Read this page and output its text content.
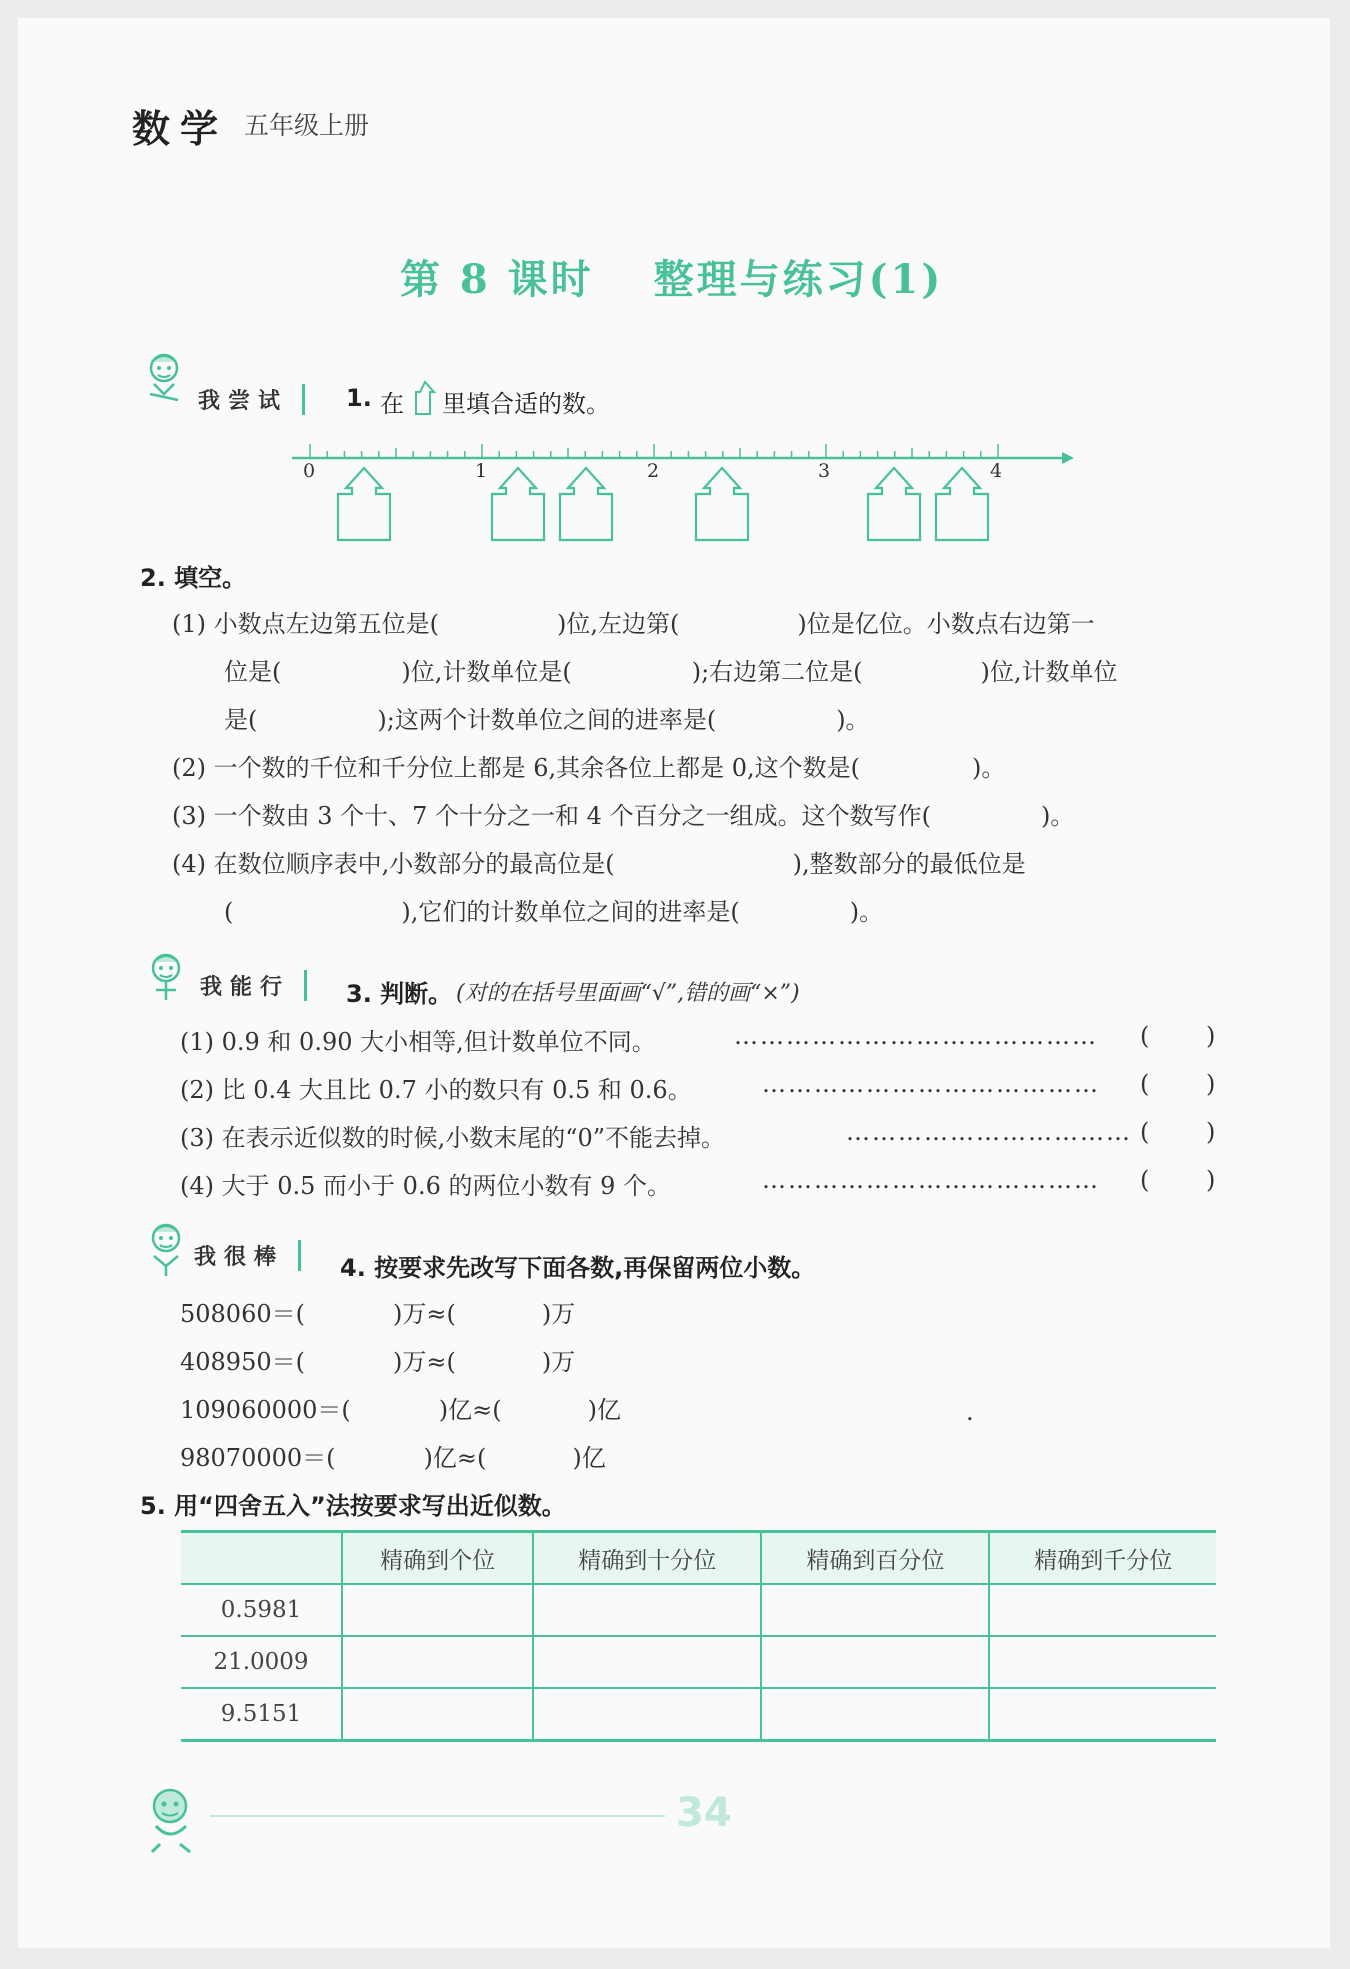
数学 五年级上册
第 8 课时　 整理与练习(1)
我尝试	1. 在 里填合适的数。
0	1	2	3	4
2. 填空。
(1) 小数点左边第五位是(	)位,左边第(	)位是亿位。小数点右边第一
位是(	)位,计数单位是(	);右边第二位是(	)位,计数单位
是(	);这两个计数单位之间的进率是(	)。
(2) 一个数的千位和千分位上都是 6,其余各位上都是 0,这个数是(	)。
(3) 一个数由 3 个十、7 个十分之一和 4 个百分之一组成。这个数写作(	)。
(4) 在数位顺序表中,小数部分的最高位是(	),整数部分的最低位是
(	),它们的计数单位之间的进率是(	)。
我能行	3. 判断。 (对的在括号里面画“√”,错的画“×”)
(1) 0.9 和 0.90 大小相等,但计数单位不同。	…………………………………… ( )
(2) 比 0.4 大且比 0.7 小的数只有 0.5 和 0.6。	………………………………… ( )
(3) 在表示近似数的时候,小数末尾的“0”不能去掉。	…………………………… ( )
(4) 大于 0.5 而小于 0.6 的两位小数有 9 个。	………………………………… ( )
我很棒	4. 按要求先改写下面各数,再保留两位小数。
508060＝(	)万≈(	)万
408950＝(	)万≈(	)万
109060000＝(	)亿≈(	)亿	.
98070000＝(	)亿≈(	)亿
5. 用“四舍五入”法按要求写出近似数。
	精确到个位	精确到十分位	精确到百分位	精确到千分位
0.5981				
21.0009				
9.5151				
34
